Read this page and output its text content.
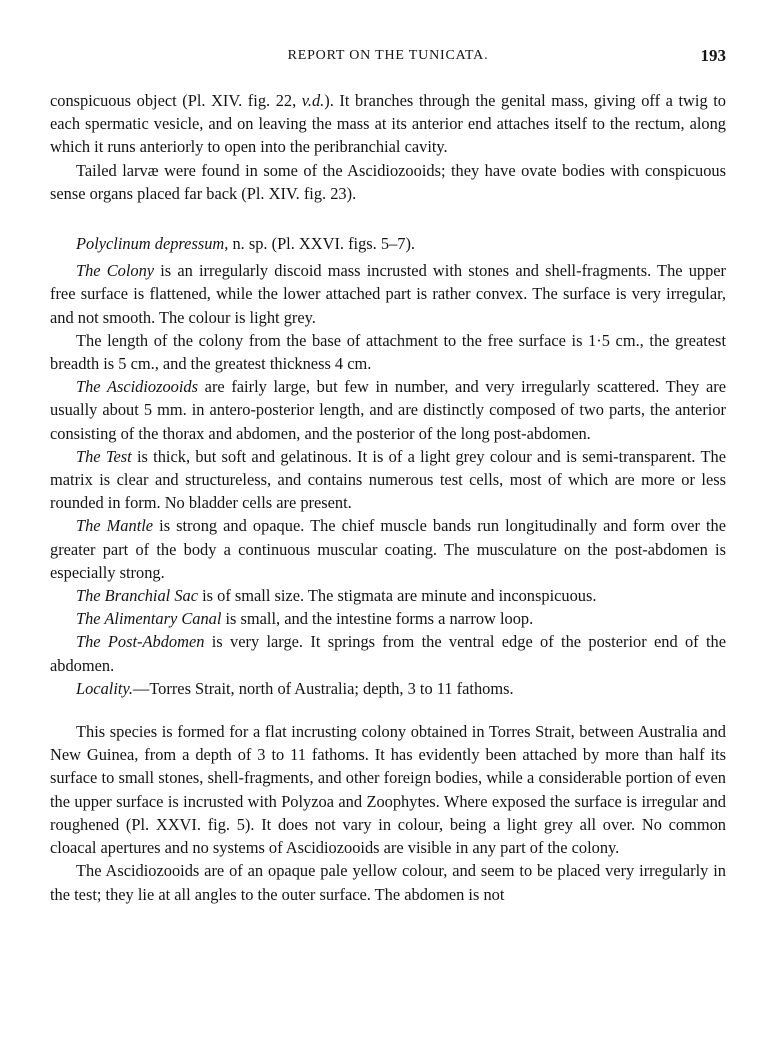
REPORT ON THE TUNICATA.	193

conspicuous object (Pl. XIV. fig. 22, v.d.). It branches through the genital mass, giving off a twig to each spermatic vesicle, and on leaving the mass at its anterior end attaches itself to the rectum, along which it runs anteriorly to open into the peribranchial cavity.

Tailed larvæ were found in some of the Ascidiozooids; they have ovate bodies with conspicuous sense organs placed far back (Pl. XIV. fig. 23).

Polyclinum depressum, n. sp. (Pl. XXVI. figs. 5–7).

The Colony is an irregularly discoid mass incrusted with stones and shell-fragments. The upper free surface is flattened, while the lower attached part is rather convex. The surface is very irregular, and not smooth. The colour is light grey.

The length of the colony from the base of attachment to the free surface is 1·5 cm., the greatest breadth is 5 cm., and the greatest thickness 4 cm.

The Ascidiozooids are fairly large, but few in number, and very irregularly scattered. They are usually about 5 mm. in antero-posterior length, and are distinctly composed of two parts, the anterior consisting of the thorax and abdomen, and the posterior of the long post-abdomen.

The Test is thick, but soft and gelatinous. It is of a light grey colour and is semi-transparent. The matrix is clear and structureless, and contains numerous test cells, most of which are more or less rounded in form. No bladder cells are present.

The Mantle is strong and opaque. The chief muscle bands run longitudinally and form over the greater part of the body a continuous muscular coating. The musculature on the post-abdomen is especially strong.

The Branchial Sac is of small size. The stigmata are minute and inconspicuous.

The Alimentary Canal is small, and the intestine forms a narrow loop.

The Post-Abdomen is very large. It springs from the ventral edge of the posterior end of the abdomen.

Locality.—Torres Strait, north of Australia; depth, 3 to 11 fathoms.

This species is formed for a flat incrusting colony obtained in Torres Strait, between Australia and New Guinea, from a depth of 3 to 11 fathoms. It has evidently been attached by more than half its surface to small stones, shell-fragments, and other foreign bodies, while a considerable portion of even the upper surface is incrusted with Polyzoa and Zoophytes. Where exposed the surface is irregular and roughened (Pl. XXVI. fig. 5). It does not vary in colour, being a light grey all over. No common cloacal apertures and no systems of Ascidiozooids are visible in any part of the colony.

The Ascidiozooids are of an opaque pale yellow colour, and seem to be placed very irregularly in the test; they lie at all angles to the outer surface. The abdomen is not
